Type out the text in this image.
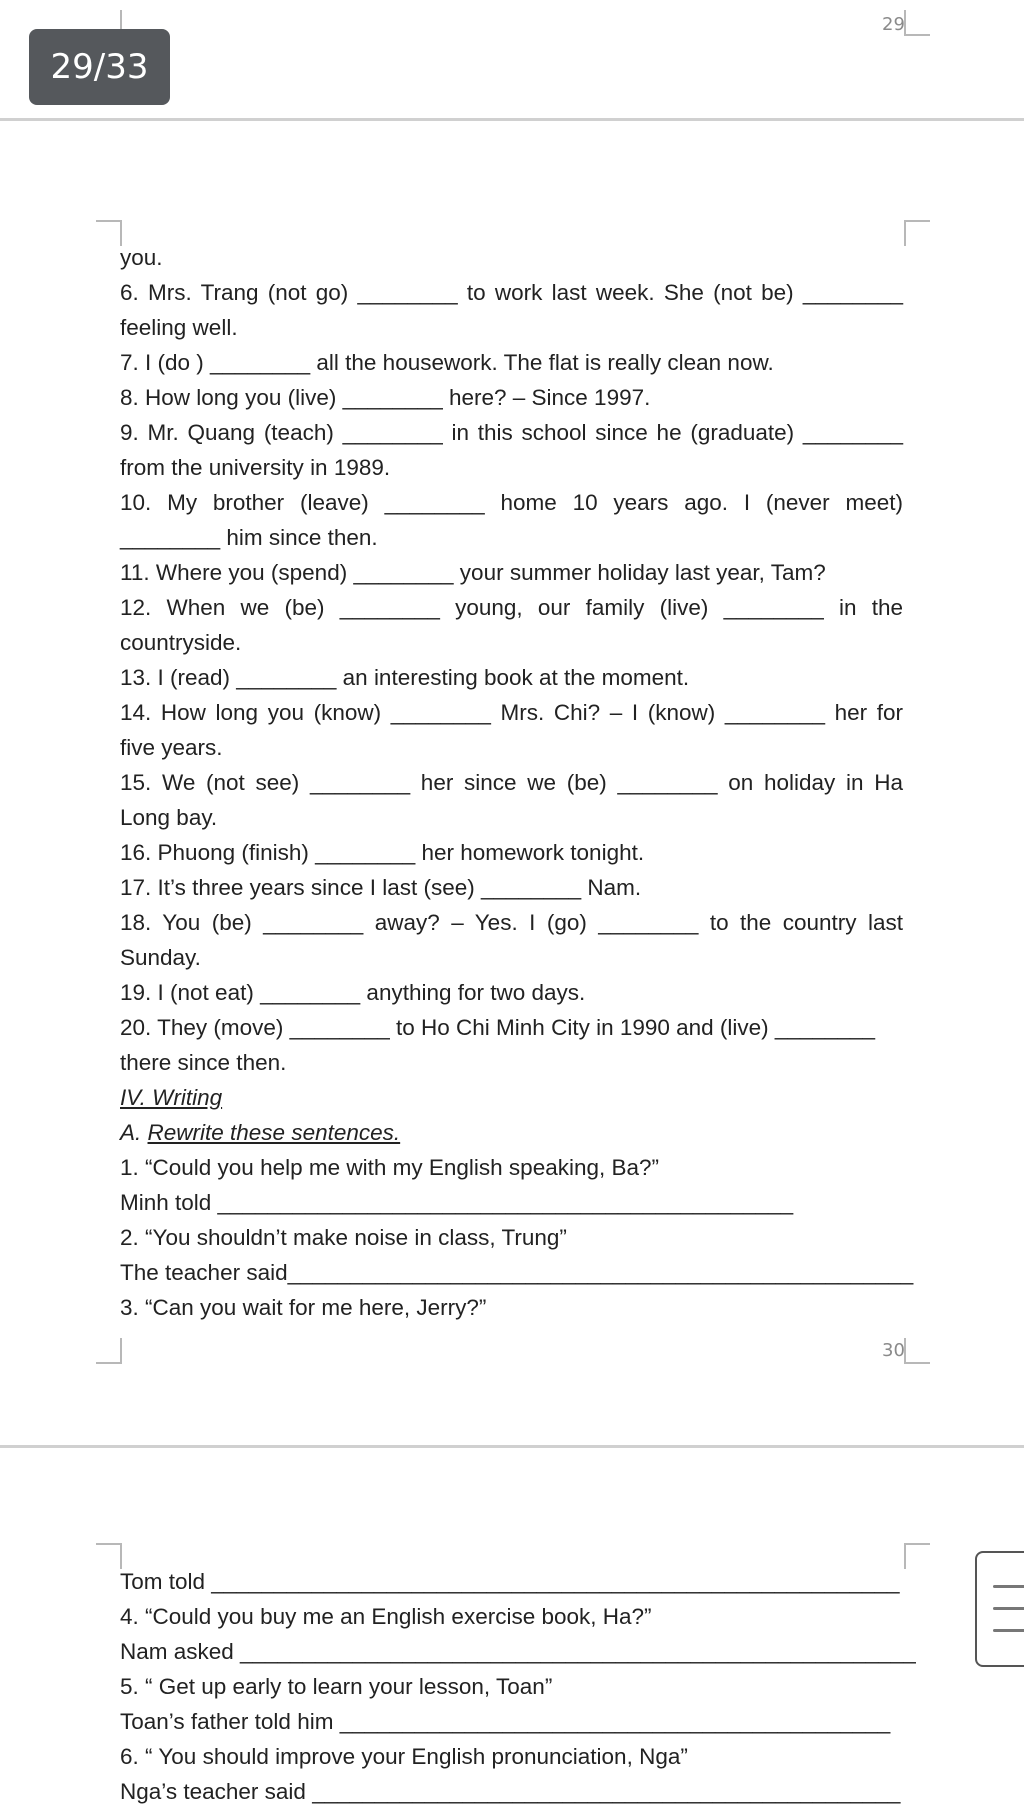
29/33
29
you.
6. Mrs. Trang (not go) ________ to work last week. She (not be) ________
feeling well.
7. I (do ) ________ all the housework. The flat is really clean now.
8. How long you (live) ________ here? – Since 1997.
9. Mr. Quang (teach) ________ in this school since he (graduate) ________
from the university in 1989.
10. My brother (leave) ________ home 10 years ago. I (never meet)
________ him since then.
11. Where you (spend) ________ your summer holiday last year, Tam?
12. When we (be) ________ young, our family (live) ________ in the
countryside.
13. I (read) ________ an interesting book at the moment.
14. How long you (know) ________ Mrs. Chi? – I (know) ________ her for
five years.
15. We (not see) ________ her since we (be) ________ on holiday in Ha
Long bay.
16. Phuong (finish) ________ her homework tonight.
17. It’s three years since I last (see) ________ Nam.
18. You (be) ________ away? – Yes. I (go) ________ to the country last
Sunday.
19. I (not eat) ________ anything for two days.
20. They (move) ________ to Ho Chi Minh City in 1990 and (live) ________
there since then.
IV. Writing
A. Rewrite these sentences.
1. “Could you help me with my English speaking, Ba?”
Minh told ______________________________________________
2. “You shouldn’t make noise in class, Trung”
The teacher said__________________________________________________
3. “Can you wait for me here, Jerry?”
30
Tom told _______________________________________________________
4. “Could you buy me an English exercise book, Ha?”
Nam asked ______________________________________________________
5. “ Get up early to learn your lesson, Toan”
Toan’s father told him ____________________________________________
6. “ You should improve your English pronunciation, Nga”
Nga’s teacher said _______________________________________________
